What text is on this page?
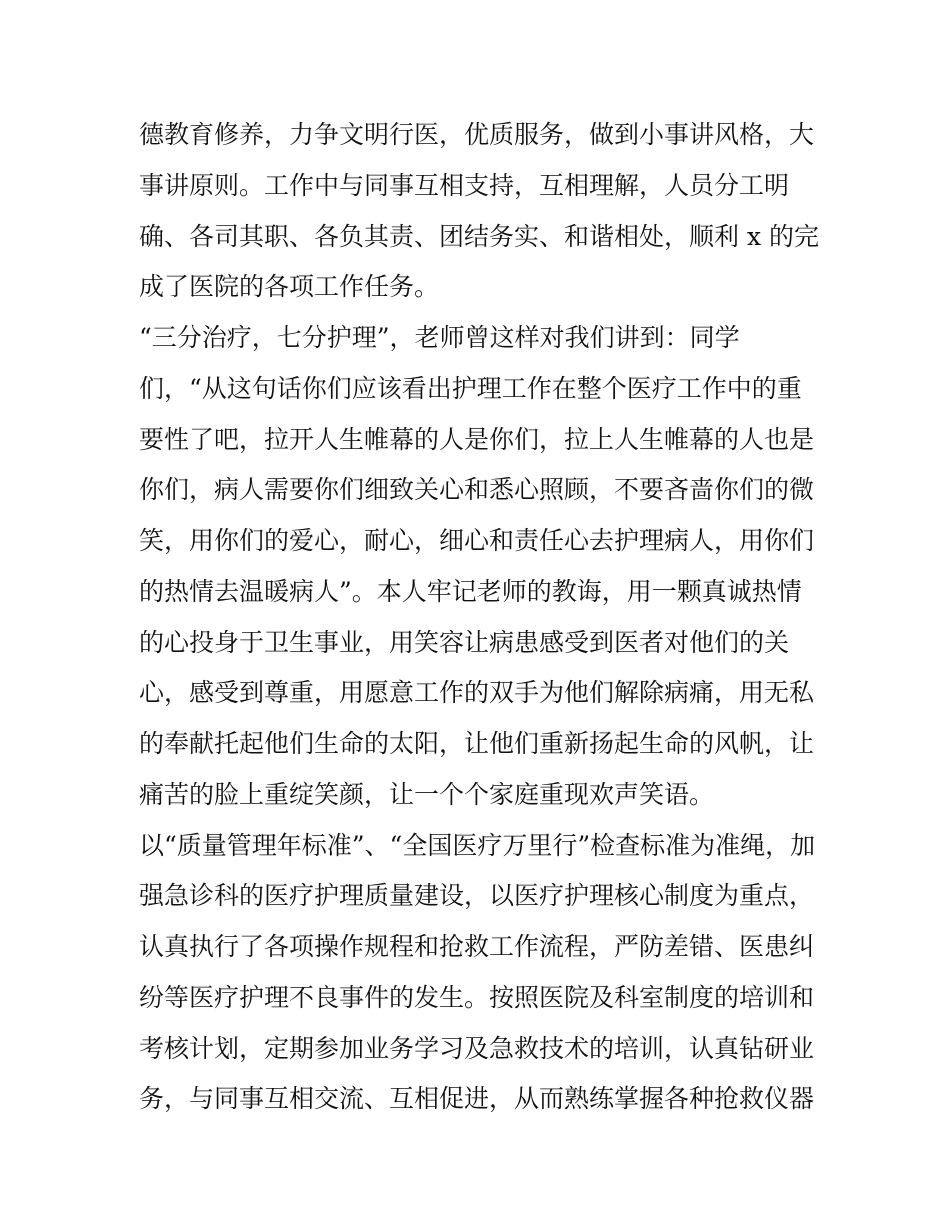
德教育修养，力争文明行医，优质服务，做到小事讲风格，大
事讲原则。工作中与同事互相支持，互相理解，人员分工明
确、各司其职、各负其责、团结务实、和谐相处，顺利 x 的完
成了医院的各项工作任务。
“三分治疗，七分护理”，老师曾这样对我们讲到：同学
们，“从这句话你们应该看出护理工作在整个医疗工作中的重
要性了吧，拉开人生帷幕的人是你们，拉上人生帷幕的人也是
你们，病人需要你们细致关心和悉心照顾，不要吝啬你们的微
笑，用你们的爱心，耐心，细心和责任心去护理病人，用你们
的热情去温暖病人”。本人牢记老师的教诲，用一颗真诚热情
的心投身于卫生事业，用笑容让病患感受到医者对他们的关
心，感受到尊重，用愿意工作的双手为他们解除病痛，用无私
的奉献托起他们生命的太阳，让他们重新扬起生命的风帆，让
痛苦的脸上重绽笑颜，让一个个家庭重现欢声笑语。
以“质量管理年标准”、“全国医疗万里行”检查标准为准绳，加
强急诊科的医疗护理质量建设，以医疗护理核心制度为重点，
认真执行了各项操作规程和抢救工作流程，严防差错、医患纠
纷等医疗护理不良事件的发生。按照医院及科室制度的培训和
考核计划，定期参加业务学习及急救技术的培训，认真钻研业
务，与同事互相交流、互相促进，从而熟练掌握各种抢救仪器
